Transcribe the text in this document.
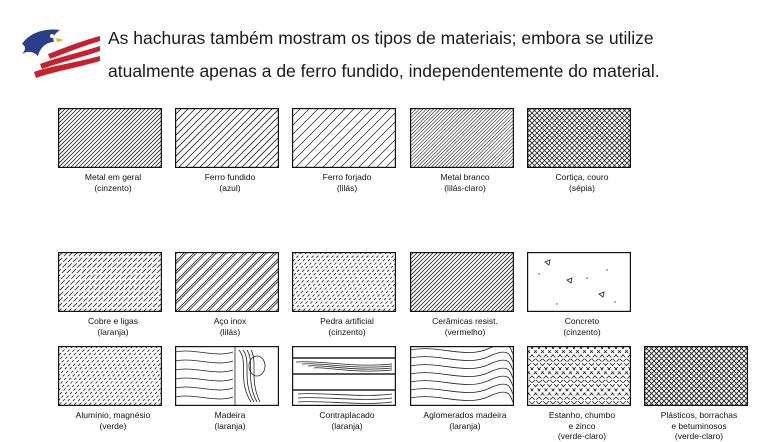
As hachuras também mostram os tipos de materiais; embora se utilize
atualmente apenas a de ferro fundido, independentemente do material.
Metal em geral
(cinzento)
Ferro fundido
(azul)
Ferro forjado
(lilás)
Metal branco
(lilás-claro)
Cortiça, couro
(sépia)
Cobre e ligas
(laranja)
Aço inox
(lilás)
Pedra artificial
(cinzento)
Cerâmicas resist.
(vermelho)
Concreto
(cinzento)
Alumínio, magnésio
(verde)
Madeira
(laranja)
Contraplacado
(laranja)
Aglomerados madeira
(laranja)
Estanho, chumbo
e zinco
(verde-claro)
Plásticos, borrachas
e betuminosos
(verde-claro)
